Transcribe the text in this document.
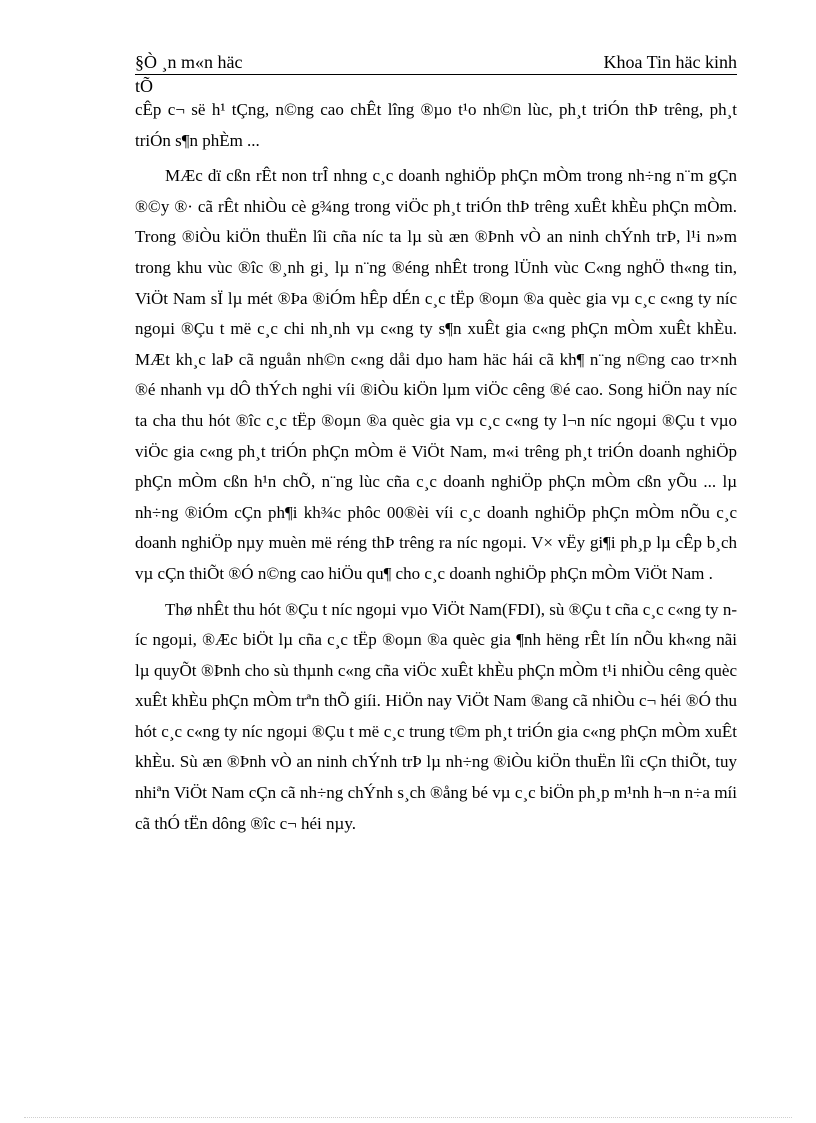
§Ò ¸n m«n häc	Khoa Tin häc kinh
tÕ

cÊp c¬ së h¹ tÇng, n©ng cao chÊt lîng ®µo t¹o nh©n lùc, ph¸t triÓn thÞ trêng, ph¸t triÓn s¶n phÈm ...

MÆc dï cßn rÊt non trÎ nhng c¸c doanh nghiÖp phÇn mÒm trong nh÷ng n¨m gÇn ®©y ®· cã rÊt nhiÒu cè g¾ng trong viÖc ph¸t triÓn thÞ trêng xuÊt khÈu phÇn mÒm. Trong ®iÒu kiÖn thuËn lîi cña níc ta lµ sù æn ®Þnh vÒ an ninh chÝnh trÞ, l¹i n»m trong khu vùc ®îc ®¸nh gi¸ lµ n¨ng ®éng nhÊt trong lÜnh vùc C«ng nghÖ th«ng tin, ViÖt Nam sÏ lµ mét ®Þa ®iÓm hÊp dÉn c¸c tËp ®oµn ®a quèc gia vµ c¸c c«ng ty níc ngoµi ®Çu t më c¸c chi nh¸nh vµ c«ng ty s¶n xuÊt gia c«ng phÇn mÒm xuÊt khÈu. MÆt kh¸c laÞ cã nguån nh©n c«ng dåi dµo ham häc hái cã kh¶ n¨ng n©ng cao tr×nh ®é nhanh vµ dÔ thÝch nghi víi ®iÒu kiÖn lµm viÖc cêng ®é cao. Song hiÖn nay níc ta cha thu hót ®îc c¸c tËp ®oµn ®a quèc gia vµ c¸c c«ng ty l¬n níc ngoµi ®Çu t vµo viÖc gia c«ng ph¸t triÓn phÇn mÒm ë ViÖt Nam, m«i trêng ph¸t triÓn doanh nghiÖp phÇn mÒm cßn h¹n chÕ, n¨ng lùc cña c¸c doanh nghiÖp phÇn mÒm cßn yÕu ... lµ nh÷ng ®iÓm cÇn ph¶i kh¾c phôc 00®èi víi c¸c doanh nghiÖp phÇn mÒm nÕu c¸c doanh nghiÖp nµy muèn më réng thÞ trêng ra níc ngoµi. V× vËy gi¶i ph¸p lµ cÊp b¸ch vµ cÇn thiÕt ®Ó n©ng cao hiÖu qu¶ cho c¸c doanh nghiÖp phÇn mÒm ViÖt Nam .

Thø nhÊt thu hót ®Çu t níc ngoµi vµo ViÖt Nam(FDI), sù ®Çu t cña c¸c c«ng ty níc ngoµi, ®Æc biÖt lµ cña c¸c tËp ®oµn ®a quèc gia ¶nh hëng rÊt lín nÕu kh«ng nãi lµ quyÕt ®Þnh cho sù thµnh c«ng cña viÖc xuÊt khÈu phÇn mÒm t¹i nhiÒu cêng quèc xuÊt khÈu phÇn mÒm trªn thÕ giíi. HiÖn nay ViÖt Nam ®ang cã nhiÒu c¬ héi ®Ó thu hót c¸c c«ng ty níc ngoµi ®Çu t më c¸c trung t©m ph¸t triÓn gia c«ng phÇn mÒm xuÊt khÈu. Sù æn ®Þnh vÒ an ninh chÝnh trÞ lµ nh÷ng ®iÒu kiÖn thuËn lîi cÇn thiÕt, tuy nhiªn ViÖt Nam cÇn cã nh÷ng chÝnh s¸ch ®ång bé vµ c¸c biÖn ph¸p m¹nh h¬n n÷a míi cã thÓ tËn dông ®îc c¬ héi nµy.
